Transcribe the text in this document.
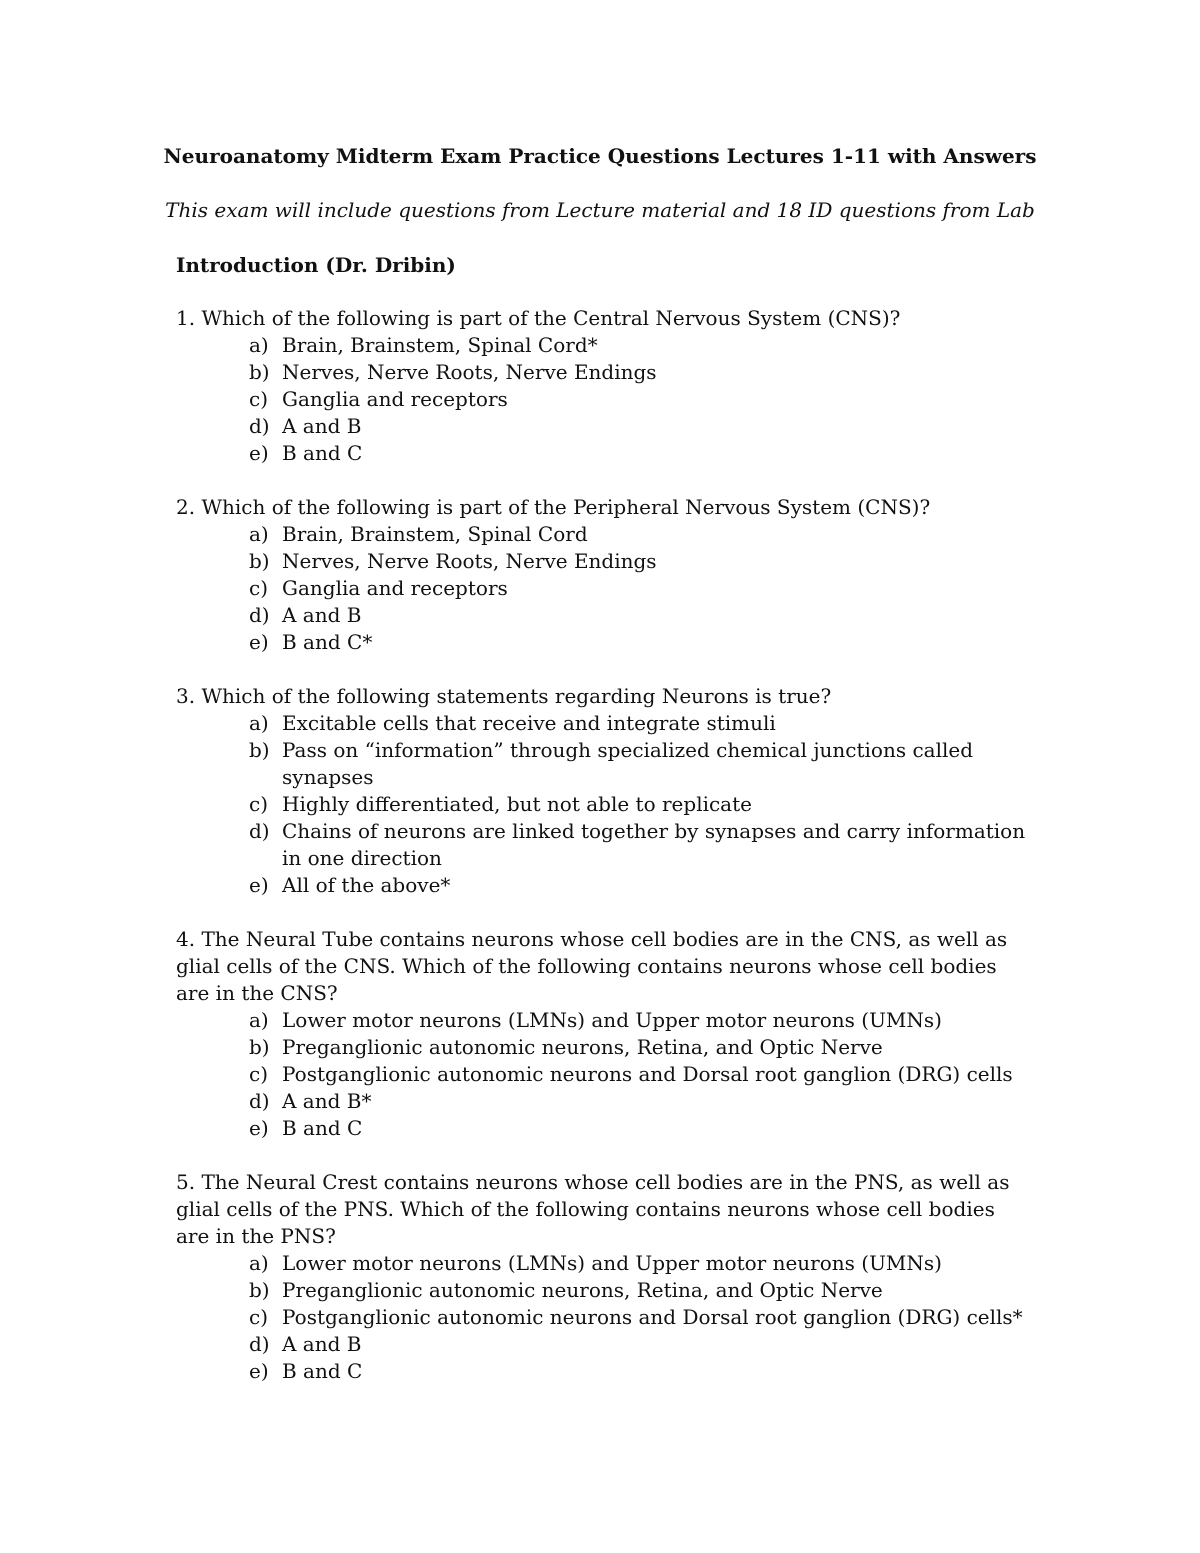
Neuroanatomy Midterm Exam Practice Questions Lectures 1-11 with Answers
This exam will include questions from Lecture material and 18 ID questions from Lab
Introduction (Dr. Dribin)
1. Which of the following is part of the Central Nervous System (CNS)?
a) Brain, Brainstem, Spinal Cord*
b) Nerves, Nerve Roots, Nerve Endings
c) Ganglia and receptors
d) A and B
e) B and C
2. Which of the following is part of the Peripheral Nervous System (CNS)?
a) Brain, Brainstem, Spinal Cord
b) Nerves, Nerve Roots, Nerve Endings
c) Ganglia and receptors
d) A and B
e) B and C*
3. Which of the following statements regarding Neurons is true?
a) Excitable cells that receive and integrate stimuli
b) Pass on “information” through specialized chemical junctions called synapses
c) Highly differentiated, but not able to replicate
d) Chains of neurons are linked together by synapses and carry information in one direction
e) All of the above*
4. The Neural Tube contains neurons whose cell bodies are in the CNS, as well as glial cells of the CNS. Which of the following contains neurons whose cell bodies are in the CNS?
a) Lower motor neurons (LMNs) and Upper motor neurons (UMNs)
b) Preganglionic autonomic neurons, Retina, and Optic Nerve
c) Postganglionic autonomic neurons and Dorsal root ganglion (DRG) cells
d) A and B*
e) B and C
5. The Neural Crest contains neurons whose cell bodies are in the PNS, as well as glial cells of the PNS. Which of the following contains neurons whose cell bodies are in the PNS?
a) Lower motor neurons (LMNs) and Upper motor neurons (UMNs)
b) Preganglionic autonomic neurons, Retina, and Optic Nerve
c) Postganglionic autonomic neurons and Dorsal root ganglion (DRG) cells*
d) A and B
e) B and C
